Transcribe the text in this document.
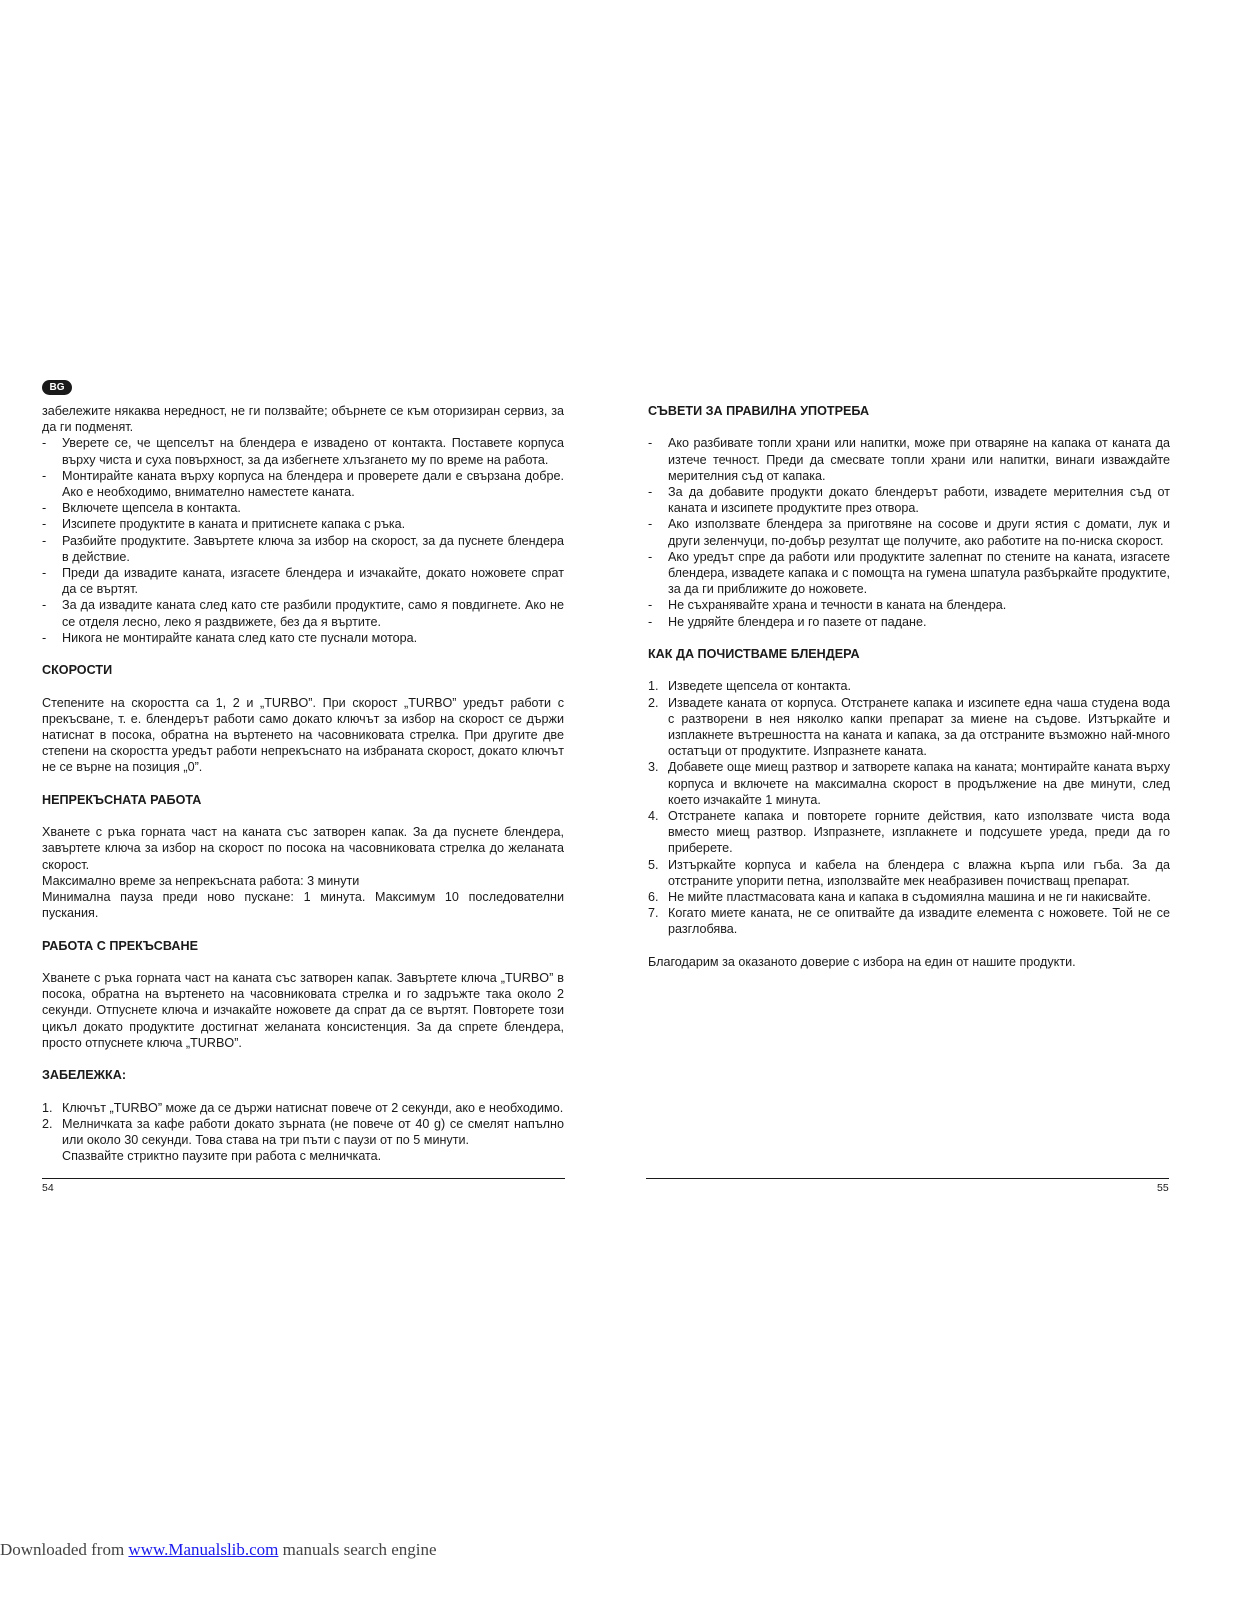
BG

забележите някаква нередност, не ги ползвайте; обърнете се към оторизиран сервиз, за да ги подменят.

- Уверете се, че щепселът на блендера е извадено от контакта. Поставете корпуса върху чиста и суха повърхност, за да избегнете хлъзгането му по време на работа.
- Монтирайте каната върху корпуса на блендера и проверете дали е свързана добре. Ако е необходимо, внимателно наместете каната.
- Включете щепсела в контакта.
- Изсипете продуктите в каната и притиснете капака с ръка.
- Разбийте продуктите. Завъртете ключа за избор на скорост, за да пуснете блендера в действие.
- Преди да извадите каната, изгасете блендера и изчакайте, докато ножовете спрат да се въртят.
- За да извадите каната след като сте разбили продуктите, само я повдигнете. Ако не се отделя лесно, леко я раздвижете, без да я въртите.
- Никога не монтирайте каната след като сте пуснали мотора.
СКОРОСТИ

Степените на скоростта са 1, 2 и „TURBO”. При скорост „TURBO” уредът работи с прекъсване, т. е. блендерът работи само докато ключът за избор на скорост се държи натиснат в посока, обратна на въртенето на часовниковата стрелка. При другите две степени на скоростта уредът работи непрекъснато на избраната скорост, докато ключът не се върне на позиция „0”.

НЕПРЕКЪСНАТА РАБОТА

Хванете с ръка горната част на каната със затворен капак. За да пуснете блендера, завъртете ключа за избор на скорост по посока на часовниковата стрелка до желаната скорост.

Максимално време за непрекъсната работа: 3 минути

Минимална пауза преди ново пускане: 1 минута. Максимум 10 последователни пускания.

РАБОТА С ПРЕКЪСВАНЕ

Хванете с ръка горната част на каната със затворен капак. Завъртете ключа „TURBO” в посока, обратна на въртенето на часовниковата стрелка и го задръжте така около 2 секунди. Отпуснете ключа и изчакайте ножовете да спрат да се въртят. Повторете този цикъл докато продуктите достигнат желаната консистенция. За да спрете блендера, просто отпуснете ключа „TURBO”.

ЗАБЕЛЕЖКА:
1. Ключът „TURBO” може да се държи натиснат повече от 2 секунди, ако е необходимо.
2. Мелничката за кафе работи докато зърната (не повече от 40 g) се смелят напълно или около 30 секунди. Това става на три пъти с паузи от по 5 минути.

Спазвайте стриктно паузите при работа с мелничката.

СЪВЕТИ ЗА ПРАВИЛНА УПОТРЕБА
- Ако разбивате топли храни или напитки, може при отваряне на капака от каната да изтече течност. Преди да смесвате топли храни или напитки, винаги изваждайте мерителния съд от капака.
- За да добавите продукти докато блендерът работи, извадете мерителния съд от каната и изсипете продуктите през отвора.
- Ако използвате блендера за приготвяне на сосове и други ястия с домати, лук и други зеленчуци, по-добър резултат ще получите, ако работите на по-ниска скорост.
- Ако уредът спре да работи или продуктите залепнат по стените на каната, изгасете блендера, извадете капака и с помощта на гумена шпатула разбъркайте продуктите, за да ги приближите до ножовете.
- Не съхранявайте храна и течности в каната на блендера.
- Не удряйте блендера и го пазете от падане.
КАК ДА ПОЧИСТВАМЕ БЛЕНДЕРА
1. Изведете щепсела от контакта.
2. Извадете каната от корпуса. Отстранете капака и изсипете една чаша студена вода с разтворени в нея няколко капки препарат за миене на съдове. Изтъркайте и изплакнете вътрешността на каната и капака, за да отстраните възможно най-много остатъци от продуктите. Изпразнете каната.
3. Добавете още миещ разтвор и затворете капака на каната; монтирайте каната върху корпуса и включете на максимална скорост в продължение на две минути, след което изчакайте 1 минута.
4. Отстранете капака и повторете горните действия, като използвате чиста вода вместо миещ разтвор. Изпразнете, изплакнете и подсушете уреда, преди да го приберете.
5. Изтъркайте корпуса и кабела на блендера с влажна кърпа или гъба. За да отстраните упорити петна, използвайте мек неабразивен почистващ препарат.
6. Не мийте пластмасовата кана и капака в съдомиялна машина и не ги накисвайте.
7. Когато миете каната, не се опитвайте да извадите елемента с ножовете. Той не се разглобява.

Благодарим за оказаното доверие с избора на един от нашите продукти.

54	55
Downloaded from www.Manualslib.com manuals search engine
